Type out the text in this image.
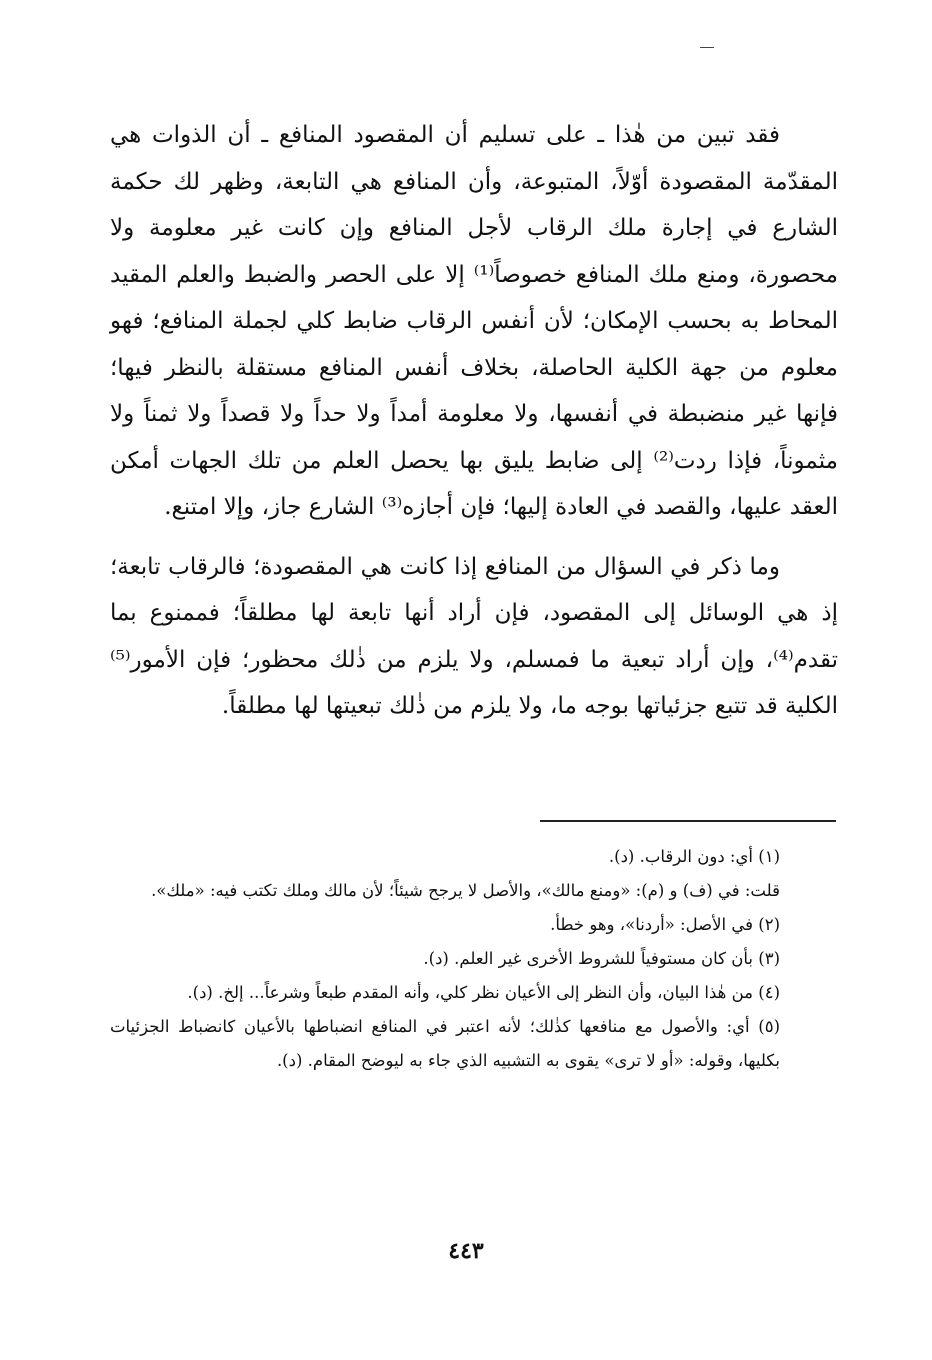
فقد تبين من هٰذا ـ على تسليم أن المقصود المنافع ـ أن الذوات هي المقدّمة المقصودة أوّلاً، المتبوعة، وأن المنافع هي التابعة، وظهر لك حكمة الشارع في إجارة ملك الرقاب لأجل المنافع وإن كانت غير معلومة ولا محصورة، ومنع ملك المنافع خصوصاً⁽¹⁾ إلا على الحصر والضبط والعلم المقيد المحاط به بحسب الإمكان؛ لأن أنفس الرقاب ضابط كلي لجملة المنافع؛ فهو معلوم من جهة الكلية الحاصلة، بخلاف أنفس المنافع مستقلة بالنظر فيها؛ فإنها غير منضبطة في أنفسها، ولا معلومة أمداً ولا حداً ولا قصداً ولا ثمناً ولا مثموناً، فإذا ردت⁽²⁾ إلى ضابط يليق بها يحصل العلم من تلك الجهات أمكن العقد عليها، والقصد في العادة إليها؛ فإن أجازه⁽³⁾ الشارع جاز، وإلا امتنع.

وما ذكر في السؤال من المنافع إذا كانت هي المقصودة؛ فالرقاب تابعة؛ إذ هي الوسائل إلى المقصود، فإن أراد أنها تابعة لها مطلقاً؛ فممنوع بما تقدم⁽⁴⁾، وإن أراد تبعية ما فمسلم، ولا يلزم من ذٰلك محظور؛ فإن الأمور⁽⁵⁾ الكلية قد تتبع جزئياتها بوجه ما، ولا يلزم من ذٰلك تبعيتها لها مطلقاً.

(١) أي: دون الرقاب. (د).

قلت: في (ف) و (م): «ومنع مالك»، والأصل لا يرجح شيئاً؛ لأن مالك وملك تكتب فيه: «ملك».

(٢) في الأصل: «أردنا»، وهو خطأ.

(٣) بأن كان مستوفياً للشروط الأخرى غير العلم. (د).

(٤) من هٰذا البيان، وأن النظر إلى الأعيان نظر كلي، وأنه المقدم طبعاً وشرعاً... إلخ. (د).

(٥) أي: والأصول مع منافعها كذٰلك؛ لأنه اعتبر في المنافع انضباطها بالأعيان كانضباط الجزئيات بكليها، وقوله: «أو لا ترى» يقوى به التشبيه الذي جاء به ليوضح المقام. (د).

٤٤٣
